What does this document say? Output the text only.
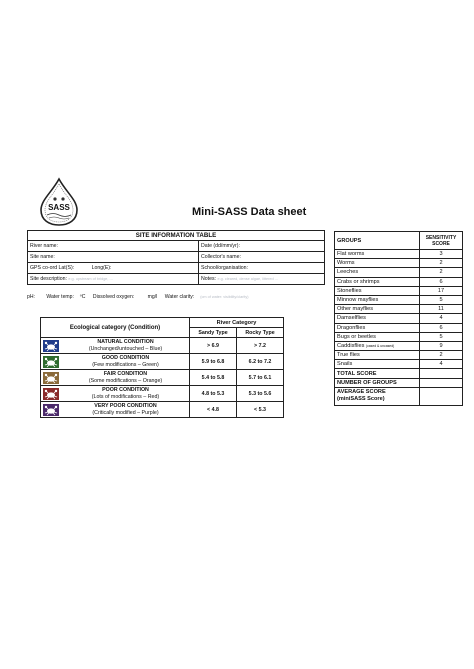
SASS	Mini-SASS Data sheet
SITE INFORMATION TABLE
River name:	Date (dd/mm/yr):
Site name:	Collector's name:
GPS co-ord Lat(S):	Long(E):	School/organisation:
Site description: e.g. upstream of bridge, ...	Notes: e.g. cleared, dense algae, littered ...
pH: Water temp: ºC Dissolved oxygen:	mg/l Water clarity: (cm of water: visibility/clarity)
Ecological category (Condition)	River Category	
	Sandy Type	Rocky Type

NATURAL CONDITION
(Unchanged/untouched – Blue)	> 6.9	> 7.2

GOOD CONDITION
(Few modifications – Green)	5.9 to 6.8	6.2 to 7.2

FAIR CONDITION
(Some modifications – Orange)	5.4 to 5.8	5.7 to 6.1

POOR CONDITION
(Lots of modifications – Red)	4.8 to 5.3	5.3 to 5.6

VERY POOR CONDITION
(Critically modified – Purple)	< 4.8	< 5.3
GROUPS	SENSITIVITY
SCORE

Flat worms	3
Worms	2
Leeches	2
Crabs or shrimps	6
Stoneflies	17
Minnow mayflies	5
Other mayflies	11
Damselflies	4
Dragonflies	6
Bugs or beetles	5
Caddisflies (cased & uncased)	9
True flies	2
Snails	4
TOTAL SCORE	
NUMBER OF GROUPS	

AVERAGE SCORE
(miniSASS Score)	
